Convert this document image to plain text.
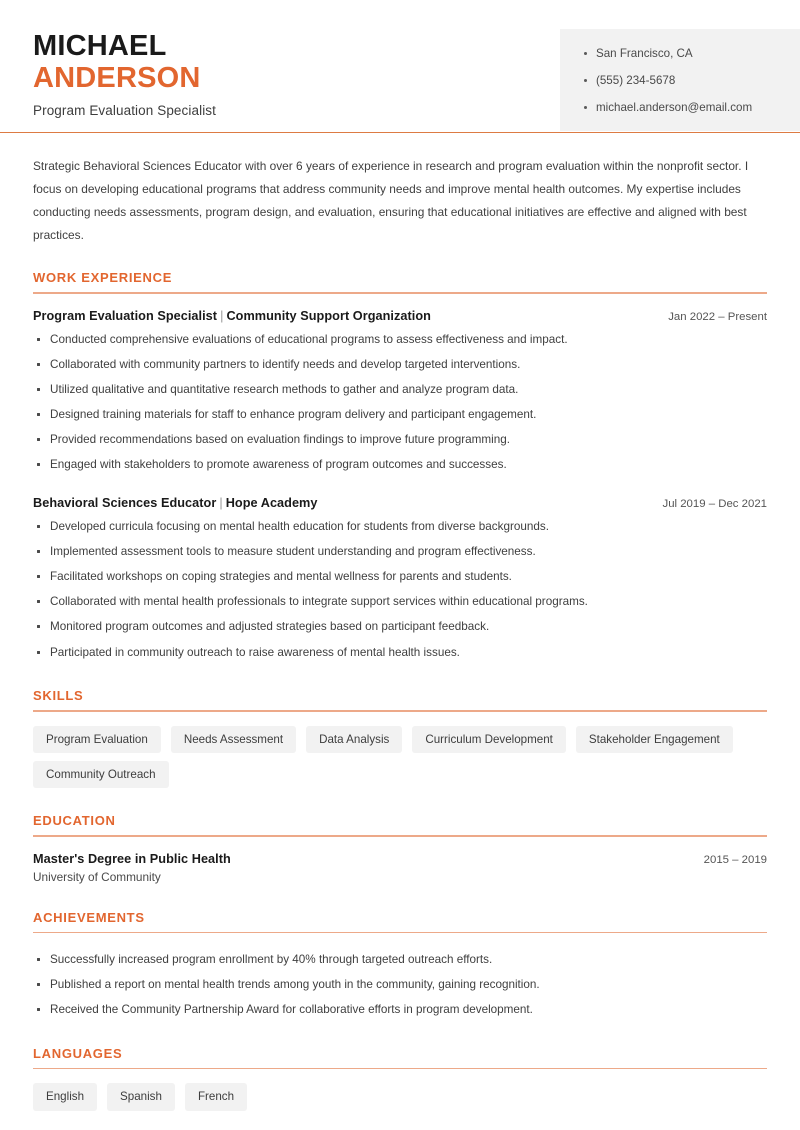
MICHAEL
ANDERSON
Program Evaluation Specialist
San Francisco, CA
(555) 234-5678
michael.anderson@email.com

Strategic Behavioral Sciences Educator with over 6 years of experience in research and program evaluation within the nonprofit sector. I focus on developing educational programs that address community needs and improve mental health outcomes. My expertise includes conducting needs assessments, program design, and evaluation, ensuring that educational initiatives are effective and aligned with best practices.

WORK EXPERIENCE
Program Evaluation Specialist | Community Support Organization	Jan 2022 – Present
Conducted comprehensive evaluations of educational programs to assess effectiveness and impact.
Collaborated with community partners to identify needs and develop targeted interventions.
Utilized qualitative and quantitative research methods to gather and analyze program data.
Designed training materials for staff to enhance program delivery and participant engagement.
Provided recommendations based on evaluation findings to improve future programming.
Engaged with stakeholders to promote awareness of program outcomes and successes.
Behavioral Sciences Educator | Hope Academy	Jul 2019 – Dec 2021
Developed curricula focusing on mental health education for students from diverse backgrounds.
Implemented assessment tools to measure student understanding and program effectiveness.
Facilitated workshops on coping strategies and mental wellness for parents and students.
Collaborated with mental health professionals to integrate support services within educational programs.
Monitored program outcomes and adjusted strategies based on participant feedback.
Participated in community outreach to raise awareness of mental health issues.
SKILLS
Program Evaluation	Needs Assessment	Data Analysis	Curriculum Development	Stakeholder Engagement
Community Outreach
EDUCATION
Master's Degree in Public Health	2015 – 2019
University of Community
ACHIEVEMENTS
Successfully increased program enrollment by 40% through targeted outreach efforts.
Published a report on mental health trends among youth in the community, gaining recognition.
Received the Community Partnership Award for collaborative efforts in program development.
LANGUAGES
English	Spanish	French
